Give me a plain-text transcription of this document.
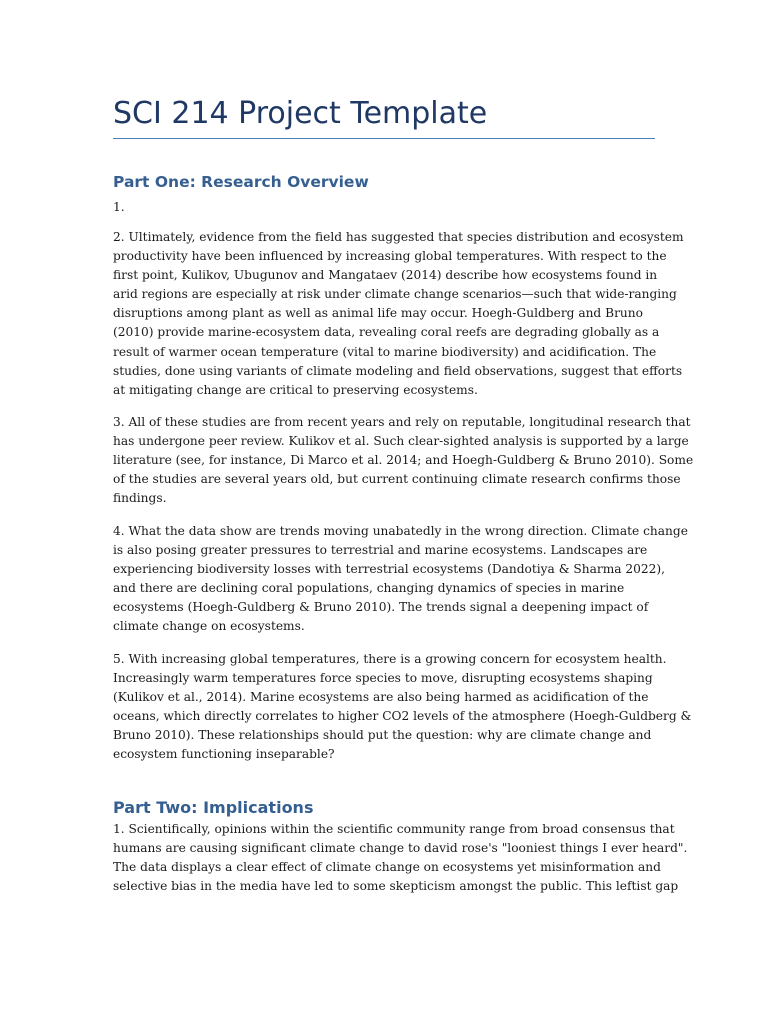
SCI 214 Project Template
Part One: Research Overview

1.

2. Ultimately, evidence from the field has suggested that species distribution and ecosystem
productivity have been influenced by increasing global temperatures. With respect to the
first point, Kulikov, Ubugunov and Mangataev (2014) describe how ecosystems found in
arid regions are especially at risk under climate change scenarios—such that wide-ranging
disruptions among plant as well as animal life may occur. Hoegh-Guldberg and Bruno
(2010) provide marine-ecosystem data, revealing coral reefs are degrading globally as a
result of warmer ocean temperature (vital to marine biodiversity) and acidification. The
studies, done using variants of climate modeling and field observations, suggest that efforts
at mitigating change are critical to preserving ecosystems.

3. All of these studies are from recent years and rely on reputable, longitudinal research that
has undergone peer review. Kulikov et al. Such clear-sighted analysis is supported by a large
literature (see, for instance, Di Marco et al. 2014; and Hoegh-Guldberg & Bruno 2010). Some
of the studies are several years old, but current continuing climate research confirms those
findings.

4. What the data show are trends moving unabatedly in the wrong direction. Climate change
is also posing greater pressures to terrestrial and marine ecosystems. Landscapes are
experiencing biodiversity losses with terrestrial ecosystems (Dandotiya & Sharma 2022),
and there are declining coral populations, changing dynamics of species in marine
ecosystems (Hoegh-Guldberg & Bruno 2010). The trends signal a deepening impact of
climate change on ecosystems.

5. With increasing global temperatures, there is a growing concern for ecosystem health.
Increasingly warm temperatures force species to move, disrupting ecosystems shaping
(Kulikov et al., 2014). Marine ecosystems are also being harmed as acidification of the
oceans, which directly correlates to higher CO2 levels of the atmosphere (Hoegh-Guldberg &
Bruno 2010). These relationships should put the question: why are climate change and
ecosystem functioning inseparable?

Part Two: Implications

1. Scientifically, opinions within the scientific community range from broad consensus that
humans are causing significant climate change to david rose's "looniest things I ever heard".
The data displays a clear effect of climate change on ecosystems yet misinformation and
selective bias in the media have led to some skepticism amongst the public. This leftist gap
